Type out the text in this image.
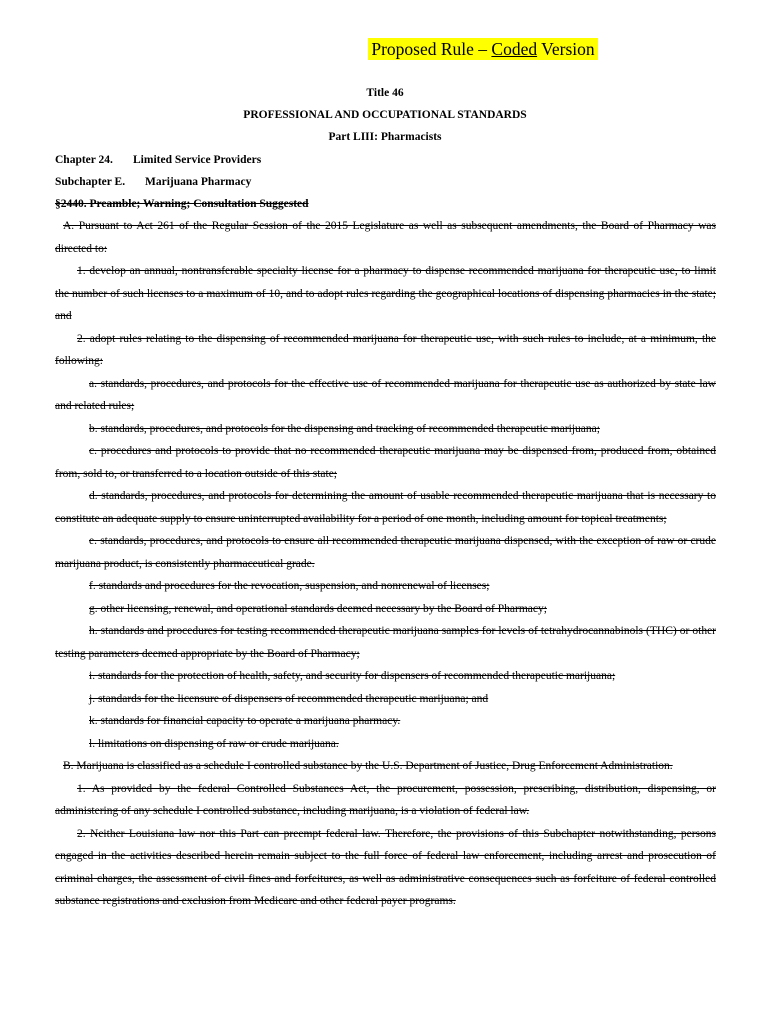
Proposed Rule – Coded Version
Title 46
PROFESSIONAL AND OCCUPATIONAL STANDARDS
Part LIII: Pharmacists
Chapter 24. Limited Service Providers
Subchapter E. Marijuana Pharmacy
§2440. Preamble; Warning; Consultation Suggested

A. Pursuant to Act 261 of the Regular Session of the 2015 Legislature as well as subsequent amendments, the Board of Pharmacy was directed to:

1. develop an annual, nontransferable specialty license for a pharmacy to dispense recommended marijuana for therapeutic use, to limit the number of such licenses to a maximum of 10, and to adopt rules regarding the geographical locations of dispensing pharmacies in the state; and

2. adopt rules relating to the dispensing of recommended marijuana for therapeutic use, with such rules to include, at a minimum, the following:

a. standards, procedures, and protocols for the effective use of recommended marijuana for therapeutic use as authorized by state law and related rules;

b. standards, procedures, and protocols for the dispensing and tracking of recommended therapeutic marijuana;

c. procedures and protocols to provide that no recommended therapeutic marijuana may be dispensed from, produced from, obtained from, sold to, or transferred to a location outside of this state;

d. standards, procedures, and protocols for determining the amount of usable recommended therapeutic marijuana that is necessary to constitute an adequate supply to ensure uninterrupted availability for a period of one month, including amount for topical treatments;

e. standards, procedures, and protocols to ensure all recommended therapeutic marijuana dispensed, with the exception of raw or crude marijuana product, is consistently pharmaceutical grade.

f. standards and procedures for the revocation, suspension, and nonrenewal of licenses;

g. other licensing, renewal, and operational standards deemed necessary by the Board of Pharmacy;

h. standards and procedures for testing recommended therapeutic marijuana samples for levels of tetrahydrocannabinols (THC) or other testing parameters deemed appropriate by the Board of Pharmacy;

i. standards for the protection of health, safety, and security for dispensers of recommended therapeutic marijuana;

j. standards for the licensure of dispensers of recommended therapeutic marijuana; and

k. standards for financial capacity to operate a marijuana pharmacy.

l. limitations on dispensing of raw or crude marijuana.

B. Marijuana is classified as a schedule I controlled substance by the U.S. Department of Justice, Drug Enforcement Administration.

1. As provided by the federal Controlled Substances Act, the procurement, possession, prescribing, distribution, dispensing, or administering of any schedule I controlled substance, including marijuana, is a violation of federal law.

2. Neither Louisiana law nor this Part can preempt federal law. Therefore, the provisions of this Subchapter notwithstanding, persons engaged in the activities described herein remain subject to the full force of federal law enforcement, including arrest and prosecution of criminal charges, the assessment of civil fines and forfeitures, as well as administrative consequences such as forfeiture of federal controlled substance registrations and exclusion from Medicare and other federal payer programs.
